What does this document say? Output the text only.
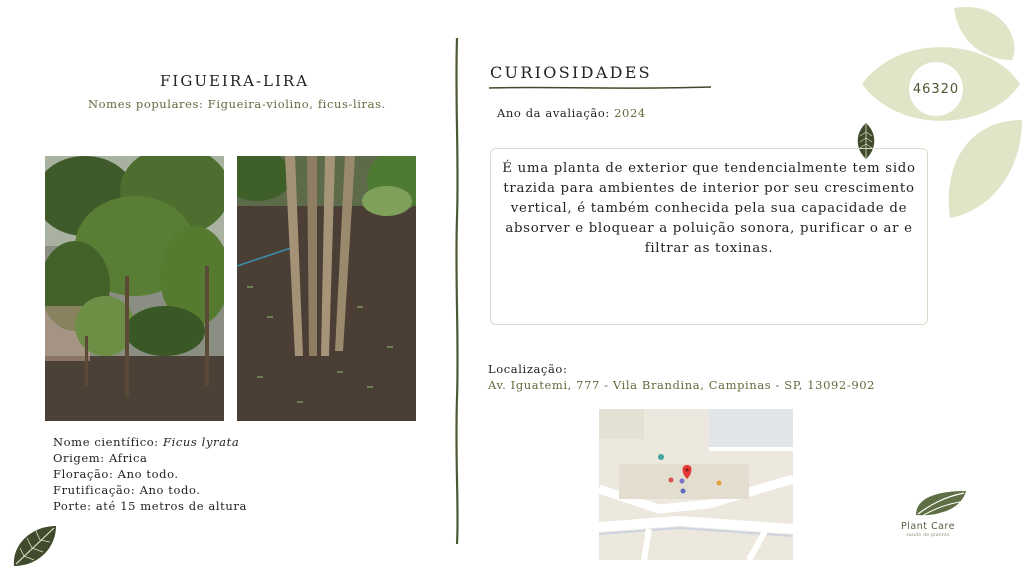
FIGUEIRA-LIRA
Nomes populares: Figueira-violino, ficus-liras.
Nome científico: Ficus lyrata
Origem: Africa
Floração: Ano todo.
Frutificação: Ano todo.
Porte: até 15 metros de altura
CURIOSIDADES
Ano da avaliação: 2024
É uma planta de exterior que tendencialmente tem sido trazida para ambientes de interior por seu crescimento vertical, é também conhecida pela sua capacidade de absorver e bloquear a poluição sonora, purificar o ar e filtrar as toxinas.
Localização:
Av. Iguatemi, 777 - Vila Brandina, Campinas - SP, 13092-902
46320
Plant Care
saúde de plantas
